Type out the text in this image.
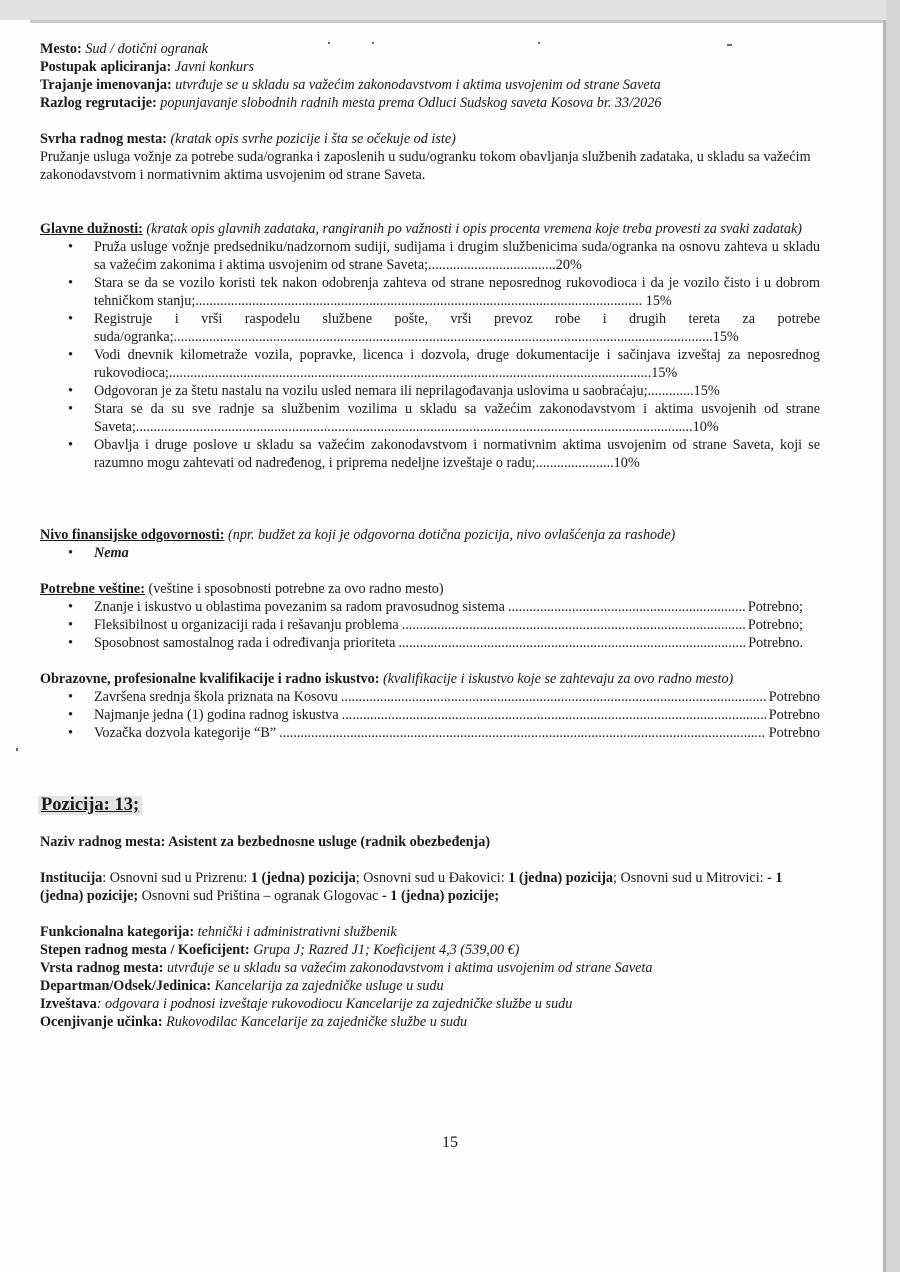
Mesto: Sud / dotični ogranak

Postupak apliciranja: Javni konkurs

Trajanje imenovanja: utvrđuje se u skladu sa važećim zakonodavstvom i aktima usvojenim od strane Saveta

Razlog regrutacije: popunjavanje slobodnih radnih mesta prema Odluci Sudskog saveta Kosova br. 33/2026

Svrha radnog mesta: (kratak opis svrhe pozicije i šta se očekuje od iste)

Pružanje usluga vožnje za potrebe suda/ogranka i zaposlenih u sudu/ogranku tokom obavljanja službenih zadataka, u skladu sa važećim zakonodavstvom i normativnim aktima usvojenim od strane Saveta.

Glavne dužnosti: (kratak opis glavnih zadataka, rangiranih po važnosti i opis procenta vremena koje treba provesti za svaki zadatak)

• Pruža usluge vožnje predsedniku/nadzornom sudiji, sudijama i drugim službenicima suda/ogranka na osnovu zahteva u skladu sa važećim zakonima i aktima usvojenim od strane Saveta;....................................20%
• Stara se da se vozilo koristi tek nakon odobrenja zahteva od strane neposrednog rukovodioca i da je vozilo čisto i u dobrom tehničkom stanju;.............................................................................................................................. 15%
• Registruje i vrši raspodelu službene pošte, vrši prevoz robe i drugih tereta za potrebe suda/ogranka;........................................................................................................................................................15%
• Vodi dnevnik kilometraže vozila, popravke, licenca i dozvola, druge dokumentacije i sačinjava izveštaj za neposrednog rukovodioca;........................................................................................................................................15%
• Odgovoran je za štetu nastalu na vozilu usled nemara ili neprilagođavanja uslovima u saobraćaju;.............15%
• Stara se da su sve radnje sa službenim vozilima u skladu sa važećim zakonodavstvom i aktima usvojenih od strane Saveta;.............................................................................................................................................................10%
• Obavlja i druge poslove u skladu sa važećim zakonodavstvom i normativnim aktima usvojenim od strane Saveta, koji se razumno mogu zahtevati od nadređenog, i priprema nedeljne izveštaje o radu;......................10%

Nivo finansijske odgovornosti: (npr. budžet za koji je odgovorna dotična pozicija, nivo ovlašćenja za rashode)

• Nema

Potrebne veštine: (veštine i sposobnosti potrebne za ovo radno mesto)

• Znanje i iskustvo u oblastima povezanim sa radom pravosudnog sistema .....	Potrebno;
• Fleksibilnost u organizaciji rada i rešavanju problema .....	Potrebno;
• Sposobnost samostalnog rada i određivanja prioriteta .....	Potrebno.

Obrazovne, profesionalne kvalifikacije i radno iskustvo: (kvalifikacije i iskustvo koje se zahtevaju za ovo radno mesto)

• Završena srednja škola priznata na Kosovu .....	Potrebno
• Najmanje jedna (1) godina radnog iskustva .....	Potrebno
• Vozačka dozvola kategorije “B” .....	Potrebno
Pozicija: 13;

Naziv radnog mesta: Asistent za bezbednosne usluge (radnik obezbeđenja)

Institucija: Osnovni sud u Prizrenu: 1 (jedna) pozicija; Osnovni sud u Đakovici: 1 (jedna) pozicija; Osnovni sud u Mitrovici: - 1 (jedna) pozicije; Osnovni sud Priština – ogranak Glogovac - 1 (jedna) pozicije;

Funkcionalna kategorija: tehnički i administrativni službenik

Stepen radnog mesta / Koeficijent: Grupa J; Razred J1; Koeficijent 4,3 (539,00 €)

Vrsta radnog mesta: utvrđuje se u skladu sa važećim zakonodavstvom i aktima usvojenim od strane Saveta

Departman/Odsek/Jedinica: Kancelarija za zajedničke usluge u sudu

Izveštava: odgovara i podnosi izveštaje rukovodiocu Kancelarije za zajedničke službe u sudu

Ocenjivanje učinka: Rukovodilac Kancelarije za zajedničke službe u sudu

15
